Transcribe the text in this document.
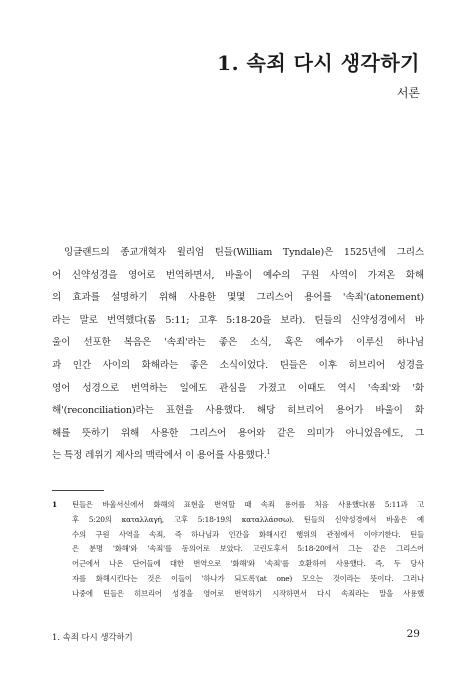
1. 속죄 다시 생각하기
서론
잉글랜드의 종교개혁자 윌리엄 틴들(William Tyndale)은 1525년에 그리스
어 신약성경을 영어로 번역하면서, 바울이 예수의 구원 사역이 가져온 화해
의 효과를 설명하기 위해 사용한 몇몇 그리스어 용어를 '속죄'(atonement)
라는 말로 번역했다(롬 5:11; 고후 5:18-20을 보라). 틴들의 신약성경에서 바
울이 선포한 복음은 '속죄'라는 좋은 소식, 혹은 예수가 이루신 하나님
과 인간 사이의 화해라는 좋은 소식이었다. 틴들은 이후 히브리어 성경을
영어 성경으로 번역하는 일에도 관심을 가졌고 이때도 역시 '속죄'와 '화
해'(reconciliation)라는 표현을 사용했다. 해당 히브리어 용어가 바울이 화
해를 뜻하기 위해 사용한 그리스어 용어와 같은 의미가 아니었음에도, 그
는 특정 레위기 제사의 맥락에서 이 용어를 사용했다.$^1$
1 틴들은 바울서신에서 화해의 표현을 번역할 때 속죄 용어를 처음 사용했다(롬 5:11과 고
후 5:20의 καταλλαγή, 고후 5:18-19의 καταλλάσσω). 틴들의 신약성경에서 바울은 예
수의 구원 사역을 속죄, 즉 하나님과 인간을 화해시킨 행위의 관점에서 이야기한다. 틴들
은 분명 '화해'와 '속죄'를 동의어로 보았다. 고린도후서 5:18-20에서 그는 같은 그리스어
어근에서 나온 단어들에 대한 번역으로 '화해'와 '속죄'를 호환하여 사용했다. 즉, 두 당사
자를 화해시킨다는 것은 이들이 '하나가 되도록'(at one) 모으는 것이라는 뜻이다. 그러나
나중에 틴들은 히브리어 성경을 영어로 번역하기 시작하면서 다시 속죄라는 말을 사용했
1. 속죄 다시 생각하기	29
